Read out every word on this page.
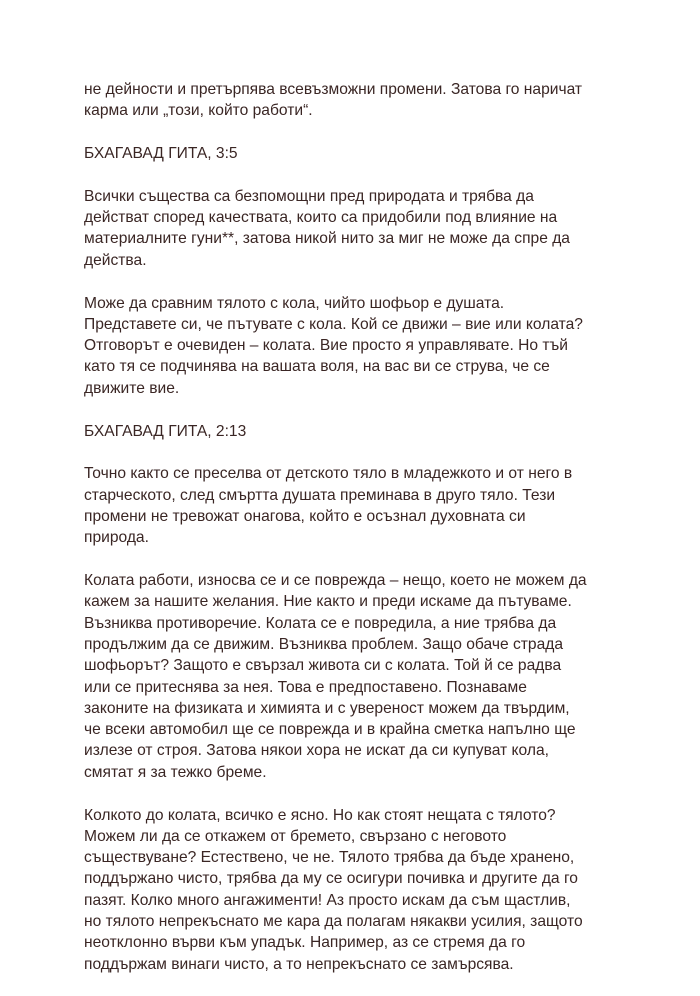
не дейности и претърпява всевъзможни промени. Затова го наричат
карма или „този, който работи“.
БХАГАВАД ГИТА, 3:5
Всички същества са безпомощни пред природата и трябва да
действат според качествата, които са придобили под влияние на
материалните гуни**, затова никой нито за миг не може да спре да
действа.
Може да сравним тялото с кола, чийто шофьор е душата.
Представете си, че пътувате с кола. Кой се движи – вие или колата?
Отговорът е очевиден – колата. Вие просто я управлявате. Но тъй
като тя се подчинява на вашата воля, на вас ви се струва, че се
движите вие.
БХАГАВАД ГИТА, 2:13
Точно както се преселва от детското тяло в младежкото и от него в
старческото, след смъртта душата преминава в друго тяло. Тези
промени не тревожат онагова, който е осъзнал духовната си
природа.
Колата работи, износва се и се поврежда – нещо, което не можем да
кажем за нашите желания. Ние както и преди искаме да пътуваме.
Възниква противоречие. Колата се е повредила, а ние трябва да
продължим да се движим. Възниква проблем. Защо обаче страда
шофьорът? Защото е свързал живота си с колата. Той й се радва
или се притеснява за нея. Това е предпоставено. Познаваме
законите на физиката и химията и с увереност можем да твърдим,
че всеки автомобил ще се поврежда и в крайна сметка напълно ще
излезе от строя. Затова някои хора не искат да си купуват кола,
смятат я за тежко бреме.
Колкото до колата, всичко е ясно. Но как стоят нещата с тялото?
Можем ли да се откажем от бремето, свързано с неговото
съществуване? Естествено, че не. Тялото трябва да бъде хранено,
поддържано чисто, трябва да му се осигури почивка и другите да го
пазят. Колко много ангажименти! Аз просто искам да съм щастлив,
но тялото непрекъснато ме кара да полагам някакви усилия, защото
неотклонно върви към упадък. Например, аз се стремя да го
поддържам винаги чисто, а то непрекъснато се замърсява.
